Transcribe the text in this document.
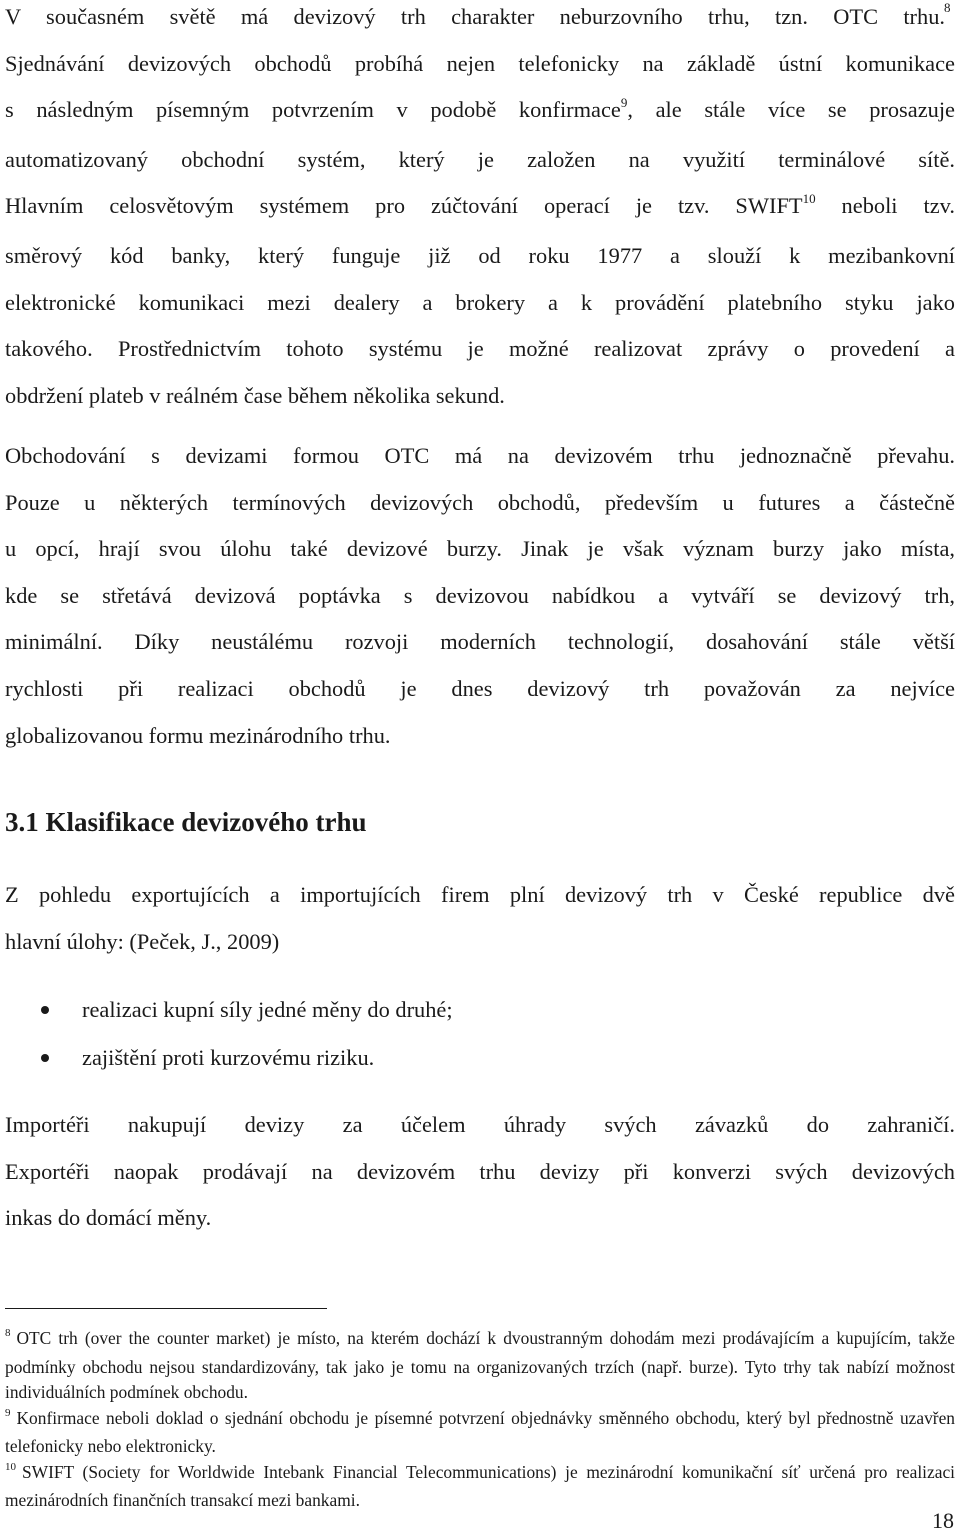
8
V současném světě má devizový trh charakter neburzovního trhu, tzn. OTC trhu.
Sjednávání devizových obchodů probíhá nejen telefonicky na základě ústní komunikace
s následným písemným potvrzením v podobě konfirmace$^9$, ale stále více se prosazuje
automatizovaný obchodní systém, který je založen na využití terminálové sítě.
Hlavním celosvětovým systémem pro zúčtování operací je tzv. SWIFT$^{10}$ neboli tzv.
směrový kód banky, který funguje již od roku 1977 a slouží k mezibankovní
elektronické komunikaci mezi dealery a brokery a k provádění platebního styku jako
takového. Prostřednictvím tohoto systému je možné realizovat zprávy o provedení a
obdržení plateb v reálném čase během několika sekund.
Obchodování s devizami formou OTC má na devizovém trhu jednoznačně převahu.
Pouze u některých termínových devizových obchodů, především u futures a částečně
u opcí, hrají svou úlohu také devizové burzy. Jinak je však význam burzy jako místa,
kde se střetává devizová poptávka s devizovou nabídkou a vytváří se devizový trh,
minimální. Díky neustálému rozvoji moderních technologií, dosahování stále větší
rychlosti při realizaci obchodů je dnes devizový trh považován za nejvíce
globalizovanou formu mezinárodního trhu.
3.1 Klasifikace devizového trhu
Z pohledu exportujících a importujících firem plní devizový trh v České republice dvě
hlavní úlohy: (Peček, J., 2009)
realizaci kupní síly jedné měny do druhé;
zajištění proti kurzovému riziku.
Importéři nakupují devizy za účelem úhrady svých závazků do zahraničí.
Exportéři naopak prodávají na devizovém trhu devizy při konverzi svých devizových
inkas do domácí měny.

$^8$ OTC trh (over the counter market) je místo, na kterém dochází k dvoustranným dohodám mezi prodávajícím a kupujícím, takže podmínky obchodu nejsou standardizovány, tak jako je tomu na organizovaných trzích (např. burze). Tyto trhy tak nabízí možnost individuálních podmínek obchodu.

$^9$ Konfirmace neboli doklad o sjednání obchodu je písemné potvrzení objednávky směnného obchodu, který byl přednostně uzavřen telefonicky nebo elektronicky.

$^{10}$ SWIFT (Society for Worldwide Intebank Financial Telecommunications) je mezinárodní komunikační síť určená pro realizaci mezinárodních finančních transakcí mezi bankami.

18
